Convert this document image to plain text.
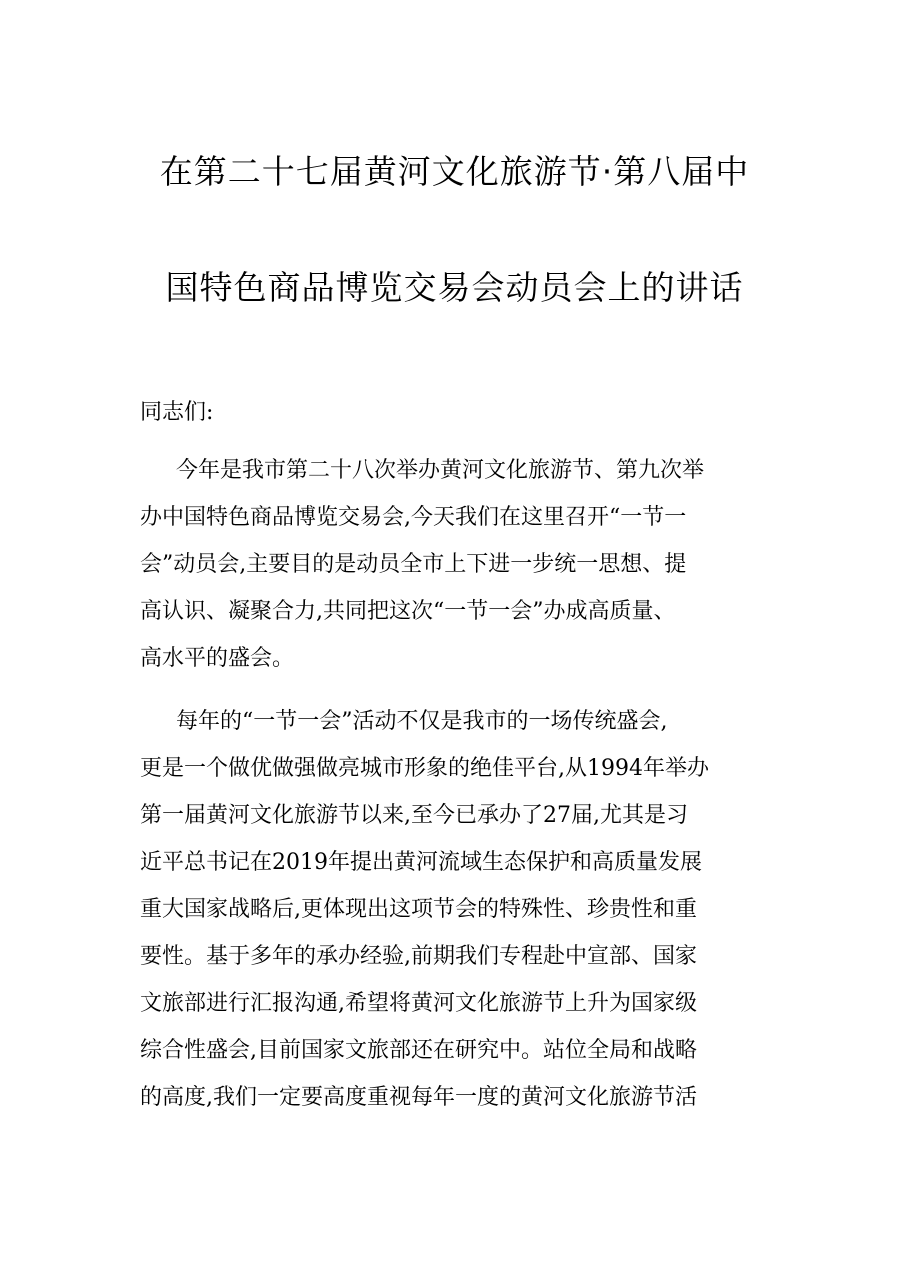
在第二十七届黄河文化旅游节·第八届中
国特色商品博览交易会动员会上的讲话
同志们:
今年是我市第二十八次举办黄河文化旅游节、第九次举
办中国特色商品博览交易会,今天我们在这里召开“一节一
会”动员会,主要目的是动员全市上下进一步统一思想、提
高认识、凝聚合力,共同把这次“一节一会”办成高质量、
高水平的盛会。
每年的“一节一会”活动不仅是我市的一场传统盛会,
更是一个做优做强做亮城市形象的绝佳平台,从1994年举办
第一届黄河文化旅游节以来,至今已承办了27届,尤其是习
近平总书记在2019年提出黄河流域生态保护和高质量发展
重大国家战略后,更体现出这项节会的特殊性、珍贵性和重
要性。基于多年的承办经验,前期我们专程赴中宣部、国家
文旅部进行汇报沟通,希望将黄河文化旅游节上升为国家级
综合性盛会,目前国家文旅部还在研究中。站位全局和战略
的高度,我们一定要高度重视每年一度的黄河文化旅游节活
